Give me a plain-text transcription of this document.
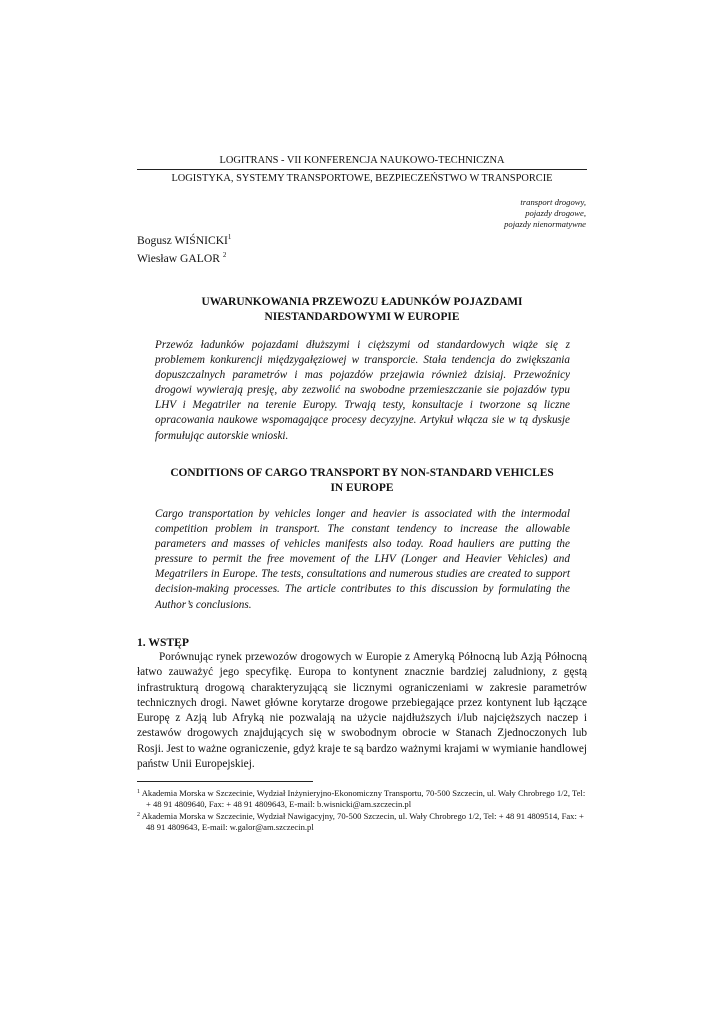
LOGITRANS - VII KONFERENCJA NAUKOWO-TECHNICZNA
LOGISTYKA, SYSTEMY TRANSPORTOWE, BEZPIECZEŃSTWO W TRANSPORCIE
transport drogowy,
pojazdy drogowe,
pojazdy nienormatywne
Bogusz WIŚNICKI$^1$
Wiesław GALOR $^2$
UWARUNKOWANIA PRZEWOZU ŁADUNKÓW POJAZDAMI
NIESTANDARDOWYMI W EUROPIE
Przewóz ładunków pojazdami dłuższymi i cięższymi od standardowych wiąże się z problemem konkurencji międzygałęziowej w transporcie. Stała tendencja do zwiększania dopuszczalnych parametrów i mas pojazdów przejawia również dzisiaj. Przewoźnicy drogowi wywierają presję, aby zezwolić na swobodne przemieszczanie sie pojazdów typu LHV i Megatriler na terenie Europy. Trwają testy, konsultacje i tworzone są liczne opracowania naukowe wspomagające procesy decyzyjne. Artykuł włącza sie w tą dyskusje formułując autorskie wnioski.
CONDITIONS OF CARGO TRANSPORT BY NON-STANDARD VEHICLES
IN EUROPE
Cargo transportation by vehicles longer and heavier is associated with the intermodal competition problem in transport. The constant tendency to increase the allowable parameters and masses of vehicles manifests also today. Road hauliers are putting the pressure to permit the free movement of the LHV (Longer and Heavier Vehicles) and Megatrilers in Europe. The tests, consultations and numerous studies are created to support decision-making processes. The article contributes to this discussion by formulating the Author’s conclusions.
1. WSTĘP
Porównując rynek przewozów drogowych w Europie z Ameryką Północną lub Azją Północną łatwo zauważyć jego specyfikę. Europa to kontynent znacznie bardziej zaludniony, z gęstą infrastrukturą drogową charakteryzującą sie licznymi ograniczeniami w zakresie parametrów technicznych drogi. Nawet główne korytarze drogowe przebiegające przez kontynent lub łączące Europę z Azją lub Afryką nie pozwalają na użycie najdłuższych i/lub najcięższych naczep i zestawów drogowych znajdujących się w swobodnym obrocie w Stanach Zjednoczonych lub Rosji. Jest to ważne ograniczenie, gdyż kraje te są bardzo ważnymi krajami w wymianie handlowej państw Unii Europejskiej.

$^1$ Akademia Morska w Szczecinie, Wydział Inżynieryjno-Ekonomiczny Transportu, 70-500 Szczecin, ul. Wały Chrobrego 1/2, Tel: + 48 91 4809640, Fax: + 48 91 4809643, E-mail: b.wisnicki@am.szczecin.pl

$^2$ Akademia Morska w Szczecinie, Wydział Nawigacyjny, 70-500 Szczecin, ul. Wały Chrobrego 1/2, Tel: + 48 91 4809514, Fax: + 48 91 4809643, E-mail: w.galor@am.szczecin.pl
